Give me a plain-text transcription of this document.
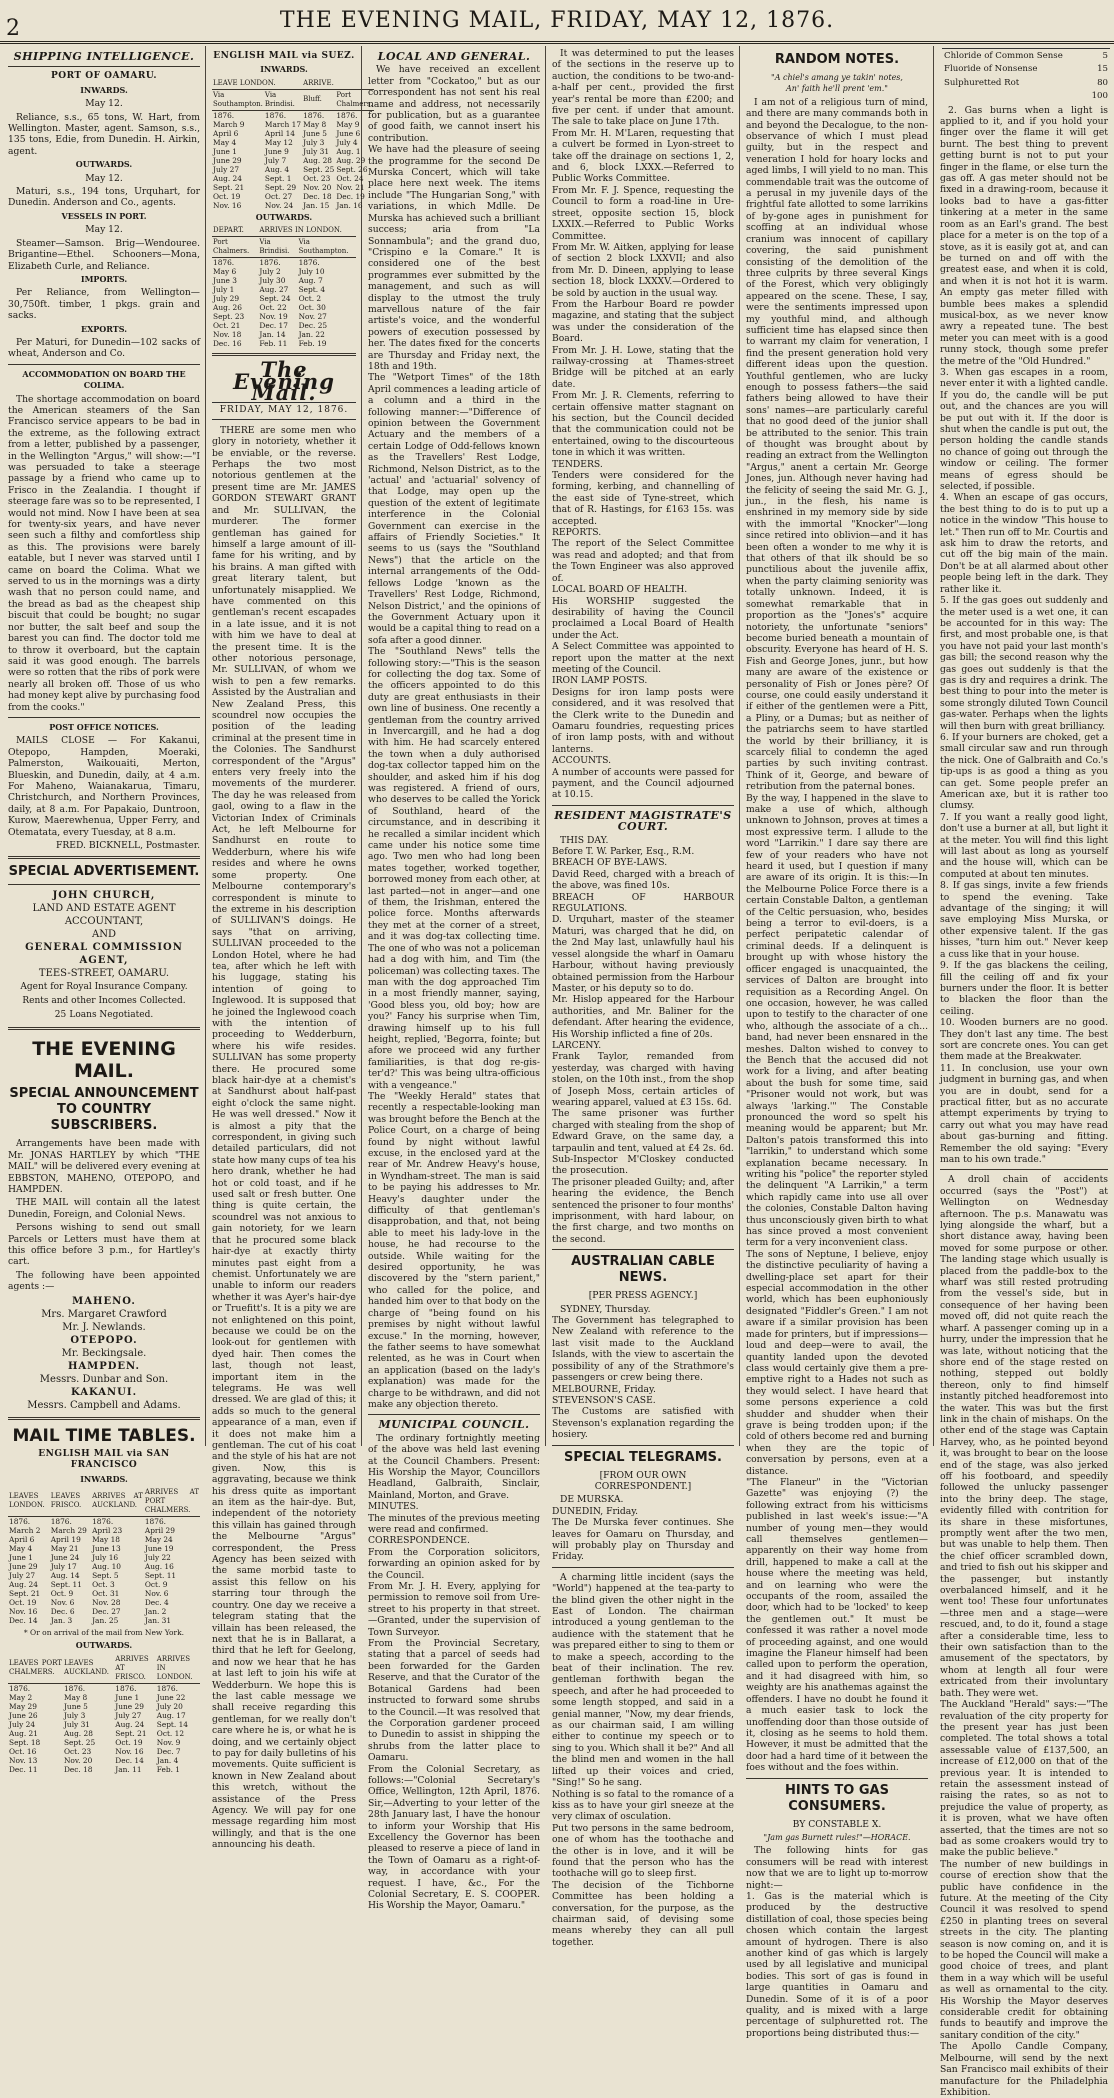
2	THE EVENING MAIL, FRIDAY, MAY 12, 1876.
SHIPPING INTELLIGENCE.
PORT OF OAMARU.
INWARDS.

May 12.

Reliance, s.s., 65 tons, W. Hart, from Wellington. Master, agent. Samson, s.s., 135 tons, Edie, from Dunedin. H. Airkin, agent.

OUTWARDS.

May 12.

Maturi, s.s., 194 tons, Urquhart, for Dunedin. Anderson and Co., agents.

VESSELS IN PORT.

May 12.

Steamer—Samson. Brig—Wendouree. Brigantine—Ethel. Schooners—Mona, Elizabeth Curle, and Reliance.

IMPORTS.

Per Reliance, from Wellington—30,750ft. timber, 1 pkgs. grain and sacks.

EXPORTS.

Per Maturi, for Dunedin—102 sacks of wheat, Anderson and Co.

ACCOMMODATION ON BOARD THE COLIMA.

The shortage accommodation on board the American steamers of the San Francisco service appears to be bad in the extreme, as the following extract from a letter, published by a passenger, in the Wellington "Argus," will show:—"I was persuaded to take a steerage passage by a friend who came up to Frisco in the Zealandia. I thought if steerage fare was so to be represented, I would not mind. Now I have been at sea for twenty-six years, and have never seen such a filthy and comfortless ship as this. The provisions were barely eatable, but I never was starved until I came on board the Colima. What we served to us in the mornings was a dirty wash that no person could name, and the bread as bad as the cheapest ship biscuit that could be bought; no sugar nor butter, the salt beef and soup the barest you can find. The doctor told me to throw it overboard, but the captain said it was good enough. The barrels were so rotten that the ribs of pork were nearly all broken off. Those of us who had money kept alive by purchasing food from the cooks."

POST OFFICE NOTICES.

MAILS CLOSE — For Kakanui, Otepopo, Hampden, Moeraki, Palmerston, Waikouaiti, Merton, Blueskin, and Dunedin, daily, at 4 a.m. For Maheno, Waianakarua, Timaru, Christchurch, and Northern Provinces, daily, at 8 a.m. For Papakaio, Duntroon, Kurow, Maerewhenua, Upper Ferry, and Otematata, every Tuesday, at 8 a.m.

FRED. BICKNELL, Postmaster.

SPECIAL ADVERTISEMENT.
JOHN CHURCH,
LAND AND ESTATE AGENT
ACCOUNTANT,
AND
GENERAL COMMISSION AGENT,
TEES-STREET, OAMARU.
Agent for Royal Insurance Company. Rents and other Incomes Collected.
25 Loans Negotiated.
THE EVENING MAIL.
SPECIAL ANNOUNCEMENT TO COUNTRY SUBSCRIBERS.

Arrangements have been made with Mr. JONAS HARTLEY by which "THE MAIL" will be delivered every evening at EBBSTON, MAHENO, OTEPOPO, and HAMPDEN.

THE MAIL will contain all the latest Dunedin, Foreign, and Colonial News.

Persons wishing to send out small Parcels or Letters must have them at this office before 3 p.m., for Hartley's cart.

The following have been appointed agents :—

MAHENO.
Mrs. Margaret Crawford
Mr. J. Newlands.
OTEPOPO.
Mr. Beckingsale.
HAMPDEN.
Messrs. Dunbar and Son.
KAKANUI.
Messrs. Campbell and Adams.
MAIL TIME TABLES.
ENGLISH MAIL via SAN FRANCISCO
INWARDS.
LEAVES LONDON.	LEAVES FRISCO.	ARRIVES AT AUCKLAND.	ARRIVES AT PORT CHALMERS.
1876.	1876.	1876.	1876.
March 2	March 29	April 23	April 29
April 6	April 19	May 18	May 24
May 4	May 21	June 13	June 19
June 1	June 24	July 16	July 22
June 29	July 17	Aug. 10	Aug. 16
July 27	Aug. 14	Sept. 5	Sept. 11
Aug. 24	Sept. 11	Oct. 3	Oct. 9
Sept. 21	Oct. 9	Oct. 31	Nov. 6
Oct. 19	Nov. 6	Nov. 28	Dec. 4
Nov. 16	Dec. 6	Dec. 27	Jan. 2
Dec. 14	Jan. 3	Jan. 25	Jan. 31

* Or on arrival of the mail from New York.

OUTWARDS.
LEAVES PORT CHALMERS.	LEAVES AUCKLAND.	ARRIVES AT FRISCO.	ARRIVES IN LONDON.
1876.	1876.	1876.	1876.
May 2	May 8	June 1	June 22
May 29	June 5	June 29	July 20
June 26	July 3	July 27	Aug. 17
July 24	July 31	Aug. 24	Sept. 14
Aug. 21	Aug. 28	Sept. 21	Oct. 12
Sept. 18	Sept. 25	Oct. 19	Nov. 9
Oct. 16	Oct. 23	Nov. 16	Dec. 7
Nov. 13	Nov. 20	Dec. 14	Jan. 4
Dec. 11	Dec. 18	Jan. 11	Feb. 1
ENGLISH MAIL via SUEZ.
INWARDS.
LEAVE LONDON.		ARRIVE.	
Via Southampton.	Via Brindisi.	Bluff.	Port Chalmers.
1876.	1876.	1876.	1876.
March 9	March 17	May 8	May 9
April 6	April 14	June 5	June 6
May 4	May 12	July 3	July 4
June 1	June 9	July 31	Aug. 1
June 29	July 7	Aug. 28	Aug. 29
July 27	Aug. 4	Sept. 25	Sept. 26
Aug. 24	Sept. 1	Oct. 23	Oct. 24
Sept. 21	Sept. 29	Nov. 20	Nov. 21
Oct. 19	Oct. 27	Dec. 18	Dec. 19
Nov. 16	Nov. 24	Jan. 15	Jan. 16
OUTWARDS.
DEPART.	ARRIVES IN LONDON.	
Port Chalmers.	Via Brindisi.	Via Southampton.
1876.	1876.	1876.
May 6	July 2	July 10
June 3	July 30	Aug. 7
July 1	Aug. 27	Sept. 4
July 29	Sept. 24	Oct. 2
Aug. 26	Oct. 22	Oct. 30
Sept. 23	Nov. 19	Nov. 27
Oct. 21	Dec. 17	Dec. 25
Nov. 18	Jan. 14	Jan. 22
Dec. 16	Feb. 11	Feb. 19
The Evening Mail.
FRIDAY, MAY 12, 1876.

THERE are some men who glory in notoriety, whether it be enviable, or the reverse. Perhaps the two most notorious gentlemen at the present time are Mr. JAMES GORDON STEWART GRANT and Mr. SULLIVAN, the murderer. The former gentleman has gained for himself a large amount of ill-fame for his writing, and by his brains. A man gifted with great literary talent, but unfortunately misapplied. We have commented on this gentleman's recent escapades in a late issue, and it is not with him we have to deal at the present time. It is the other notorious personage, Mr. SULLIVAN, of whom we wish to pen a few remarks. Assisted by the Australian and New Zealand Press, this scoundrel now occupies the position of the leading criminal at the present time in the Colonies. The Sandhurst correspondent of the "Argus" enters very freely into the movements of the murderer. The day he was released from gaol, owing to a flaw in the Victorian Index of Criminals Act, he left Melbourne for Sandhurst en route to Wedderburn, where his wife resides and where he owns some property. One Melbourne contemporary's correspondent is minute to the extreme in his description of SULLIVAN'S doings. He says "that on arriving, SULLIVAN proceeded to the London Hotel, where he had tea, after which he left with his luggage, stating his intention of going to Inglewood. It is supposed that he joined the Inglewood coach with the intention of proceeding to Wedderburn, where his wife resides. SULLIVAN has some property there. He procured some black hair-dye at a chemist's at Sandhurst about half-past eight o'clock the same night. He was well dressed." Now it is almost a pity that the correspondent, in giving such detailed particulars, did not state how many cups of tea his hero drank, whether he had hot or cold toast, and if he used salt or fresh butter. One thing is quite certain, the scoundrel was not anxious to gain notoriety, for we learn that he procured some black hair-dye at exactly thirty minutes past eight from a chemist. Unfortunately we are unable to inform our readers whether it was Ayer's hair-dye or Truefitt's. It is a pity we are not enlightened on this point, because we could be on the look-out for gentlemen with dyed hair. Then comes the last, though not least, important item in the telegrams. He was well dressed. We are glad of this; it adds so much to the general appearance of a man, even if it does not make him a gentleman. The cut of his coat and the style of his hat are not given. Now, this is aggravating, because we think his dress quite as important an item as the hair-dye. But, independent of the notoriety this villain has gained through the Melbourne "Argus" correspondent, the Press Agency has been seized with the same morbid taste to assist this fellow on his starring tour through the country. One day we receive a telegram stating that the villain has been released, the next that he is in Ballarat, a third that he left for Geelong, and now we hear that he has at last left to join his wife at Wedderburn. We hope this is the last cable message we shall receive regarding this gentleman, for we really don't care where he is, or what he is doing, and we certainly object to pay for daily bulletins of his movements. Quite sufficient is known in New Zealand about this wretch, without the assistance of the Press Agency. We will pay for one message regarding him most willingly, and that is the one announcing his death.

LOCAL AND GENERAL.

We have received an excellent letter from "Cockatoo," but as our correspondent has not sent his real name and address, not necessarily for publication, but as a guarantee of good faith, we cannot insert his contribution.
We have had the pleasure of seeing the programme for the second De Murska Concert, which will take place here next week. The items include "The Hungarian Song," with variations, in which Mdlle. De Murska has achieved such a brilliant success; aria from "La Sonnambula"; and the grand duo, "Crispino e la Comare." It is considered one of the best programmes ever submitted by the management, and such as will display to the utmost the truly marvellous nature of the fair artiste's voice, and the wonderful powers of execution possessed by her. The dates fixed for the concerts are Thursday and Friday next, the 18th and 19th.
The "Wetport Times" of the 18th April commences a leading article of a column and a third in the following manner:—"Difference of opinion between the Government Actuary and the members of a certain Lodge of Odd-fellows known as the Travellers' Rest Lodge, Richmond, Nelson District, as to the 'actual' and 'actuarial' solvency of that Lodge, may open up the question of the extent of legitimate interference in the Colonial Government can exercise in the affairs of Friendly Societies." It seems to us (says the "Southland News") that the article on the internal arrangements of the Odd-fellows Lodge 'known as the Travellers' Rest Lodge, Richmond, Nelson District,' and the opinions of the Government Actuary upon it would be a capital thing to read on a sofa after a good dinner.
The "Southland News" tells the following story:—"This is the season for collecting the dog tax. Some of the officers appointed to do this duty are great enthusiasts in their own line of business. One recently a gentleman from the country arrived in Invercargill, and he had a dog with him. He had scarcely entered the town when a duly authorised dog-tax collector tapped him on the shoulder, and asked him if his dog was registered. A friend of ours, who deserves to be called the Yorick of Southland, heard of the circumstance, and in describing it he recalled a similar incident which came under his notice some time ago. Two men who had long been mates together, worked together, borrowed money from each other, at last parted—not in anger—and one of them, the Irishman, entered the police force. Months afterwards they met at the corner of a street, and it was dog-tax collecting time. The one of who was not a policeman had a dog with him, and Tim (the policeman) was collecting taxes. The man with the dog approached Tim in a most friendly manner, saying, 'Good bless you, old boy; how are you?' Fancy his surprise when Tim, drawing himself up to his full height, replied, 'Begorra, fointe; but afore we proceed wid any further familiarities, is that dog re-gis-ter'd?' This was being ultra-officious with a vengeance."
The "Weekly Herald" states that recently a respectable-looking man was brought before the Bench at the Police Court, on a charge of being found by night without lawful excuse, in the enclosed yard at the rear of Mr. Andrew Heavy's house, in Wyndham-street. The man is said to be paying his addresses to Mr. Heavy's daughter under the difficulty of that gentleman's disapprobation, and that, not being able to meet his lady-love in the house, he had recourse to the outside. While waiting for the desired opportunity, he was discovered by the "stern parient," who called for the police, and handed him over to that body on the charge of "being found on his premises by night without lawful excuse." In the morning, however, the father seems to have somewhat relented, as he was in Court when an application (based on the lady's explanation) was made for the charge to be withdrawn, and did not make any objection thereto.

MUNICIPAL COUNCIL.

The ordinary fortnightly meeting of the above was held last evening at the Council Chambers. Present: His Worship the Mayor, Councillors Headland, Galbraith, Sinclair, Mainland, Morton, and Grave.
MINUTES.
The minutes of the previous meeting were read and confirmed.
CORRESPONDENCE.
From the Corporation solicitors, forwarding an opinion asked for by the Council.
From Mr. J. H. Every, applying for permission to remove soil from Ure-street to his property in that street.—Granted, under the supervision of Town Surveyor.
From the Provincial Secretary, stating that a parcel of seeds had been forwarded for the Garden Reserve, and that the Curator of the Botanical Gardens had been instructed to forward some shrubs to the Council.—It was resolved that the Corporation gardener proceed to Dunedin to assist in shipping the shrubs from the latter place to Oamaru.
From the Colonial Secretary, as follows:—"Colonial Secretary's Office, Wellington, 12th April, 1876. Sir,—Adverting to your letter of the 28th January last, I have the honour to inform your Worship that His Excellency the Governor has been pleased to reserve a piece of land in the Town of Oamaru as a right-of-way, in accordance with your request. I have, &c., For the Colonial Secretary, E. S. COOPER. His Worship the Mayor, Oamaru."

It was determined to put the leases of the sections in the reserve up to auction, the conditions to be two-and-a-half per cent., provided the first year's rental be more than £200; and five per cent. if under that amount. The sale to take place on June 17th.
From Mr. H. M'Laren, requesting that a culvert be formed in Lyon-street to take off the drainage on sections 1, 2, and 6, block LXXX.—Referred to Public Works Committee.
From Mr. F. J. Spence, requesting the Council to form a road-line in Ure-street, opposite section 15, block LXXIX.—Referred to Public Works Committee.
From Mr. W. Aitken, applying for lease of section 2 block LXXVII; and also from Mr. D. Dineen, applying to lease section 18, block LXXXV.—Ordered to be sold by auction in the usual way.
From the Harbour Board re powder magazine, and stating that the subject was under the consideration of the Board.
From Mr. J. H. Lowe, stating that the railway-crossing at Thames-street Bridge will be pitched at an early date.
From Mr. J. R. Clements, referring to certain offensive matter stagnant on his section, but the Council decided that the communication could not be entertained, owing to the discourteous tone in which it was written.
TENDERS.
Tenders were considered for the forming, kerbing, and channelling of the east side of Tyne-street, which that of R. Hastings, for £163 15s. was accepted.
REPORTS.
The report of the Select Committee was read and adopted; and that from the Town Engineer was also approved of.
LOCAL BOARD OF HEALTH.
His WORSHIP suggested the desirability of having the Council proclaimed a Local Board of Health under the Act.
A Select Committee was appointed to report upon the matter at the next meeting of the Council.
IRON LAMP POSTS.
Designs for iron lamp posts were considered, and it was resolved that the Clerk write to the Dunedin and Oamaru foundries, requesting prices of iron lamp posts, with and without lanterns.
ACCOUNTS.
A number of accounts were passed for payment, and the Council adjourned at 10.15.

RESIDENT MAGISTRATE'S COURT.

THIS DAY.
Before T. W. Parker, Esq., R.M.
BREACH OF BYE-LAWS.
David Reed, charged with a breach of the above, was fined 10s.
BREACH OF HARBOUR REGULATIONS.
D. Urquhart, master of the steamer Maturi, was charged that he did, on the 2nd May last, unlawfully haul his vessel alongside the wharf in Oamaru Harbour, without having previously obtained permission from the Harbour Master, or his deputy so to do.
Mr. Hislop appeared for the Harbour authorities, and Mr. Baliner for the defendant. After hearing the evidence, His Worship inflicted a fine of 20s.
LARCENY.
Frank Taylor, remanded from yesterday, was charged with having stolen, on the 10th inst., from the shop of Joseph Moss, certain articles of wearing apparel, valued at £3 15s. 6d.
The same prisoner was further charged with stealing from the shop of Edward Grave, on the same day, a tarpaulin and tent, valued at £4 2s. 6d.
Sub-Inspector M'Closkey conducted the prosecution.
The prisoner pleaded Guilty; and, after hearing the evidence, the Bench sentenced the prisoner to four months' imprisonment, with hard labour, on the first charge, and two months on the second.

AUSTRALIAN CABLE NEWS.

[PER PRESS AGENCY.]

SYDNEY, Thursday.
The Government has telegraphed to New Zealand with reference to the last visit made to the Auckland Islands, with the view to ascertain the possibility of any of the Strathmore's passengers or crew being there.
MELBOURNE, Friday.
STEVENSON'S CASE.
The Customs are satisfied with Stevenson's explanation regarding the hosiery.

SPECIAL TELEGRAMS.

[FROM OUR OWN CORRESPONDENT.]

DE MURSKA.
DUNEDIN, Friday.
The De Murska fever continues. She leaves for Oamaru on Thursday, and will probably play on Thursday and Friday.

A charming little incident (says the "World") happened at the tea-party to the blind given the other night in the East of London. The chairman introduced a young gentleman to the audience with the statement that he was prepared either to sing to them or to make a speech, according to the beat of their inclination. The rev. gentleman forthwith began the speech, and after he had proceeded to some length stopped, and said in a genial manner, "Now, my dear friends, as our chairman said, I am willing either to continue my speech or to sing to you. Which shall it be?" And all the blind men and women in the hall lifted up their voices and cried, "Sing!" So he sang.
Nothing is so fatal to the romance of a kiss as to have your girl sneeze at the very climax of osculation.
Put two persons in the same bedroom, one of whom has the toothache and the other is in love, and it will be found that the person who has the toothache will go to sleep first.
The decision of the Tichborne Committee has been holding a conversation, for the purpose, as the chairman said, of devising some means whereby they can all pull together.

RANDOM NOTES.

"A chiel's amang ye takin' notes,
An' faith he'll prent 'em."

I am not of a religious turn of mind, and there are many commands both in and beyond the Decalogue, to the non-observance of which I must plead guilty, but in the respect and veneration I hold for hoary locks and aged limbs, I will yield to no man. This commendable trait was the outcome of a perusal in my juvenile days of the frightful fate allotted to some larrikins of by-gone ages in punishment for scoffing at an individual whose cranium was innocent of capillary covering, the said punishment consisting of the demolition of the three culprits by three several Kings of the Forest, which very obligingly appeared on the scene. These, I say, were the sentiments impressed upon my youthful mind, and although sufficient time has elapsed since then to warrant my claim for veneration, I find the present generation hold very different ideas upon the question. Youthful gentlemen, who are lucky enough to possess fathers—the said fathers being allowed to have their sons' names—are particularly careful that no good deed of the junior shall be attributed to the senior. This train of thought was brought about by reading an extract from the Wellington "Argus," anent a certain Mr. George Jones, jun. Although never having had the felicity of seeing the said Mr. G. J., jun., in the flesh, his name is enshrined in my memory side by side with the immortal "Knocker"—long since retired into oblivion—and it has been often a wonder to me why it is that others of that ilk should be so punctilious about the juvenile affix, when the party claiming seniority was totally unknown. Indeed, it is somewhat remarkable that in proportion as the "Jones's" acquire notoriety, the unfortunate "seniors" become buried beneath a mountain of obscurity. Everyone has heard of H. S. Fish and George Jones, junr., but how many are aware of the existence or personality of Fish or Jones père? Of course, one could easily understand it if either of the gentlemen were a Pitt, a Pliny, or a Dumas; but as neither of the patriarchs seem to have startled the world by their brilliancy, it is scarcely filial to condemn the aged parties by such inviting contrast. Think of it, George, and beware of retribution from the paternal bones.
By the way, I happened in the slave to make a use of which, although unknown to Johnson, proves at times a most expressive term. I allude to the word "Larrikin." I dare say there are few of your readers who have not heard it used, but I question if many are aware of its origin. It is this:—In the Melbourne Police Force there is a certain Constable Dalton, a gentleman of the Celtic persuasion, who, besides being a terror to evil-doers, is a perfect peripatetic calendar of criminal deeds. If a delinquent is brought up with whose history the officer engaged is unacquainted, the services of Dalton are brought into requisition as a Recording Angel. On one occasion, however, he was called upon to testify to the character of one who, although the associate of a ch... band, had never been ensnared in the meshes. Dalton wished to convey to the Bench that the accused did not work for a living, and after beating about the bush for some time, said "Prisoner would not work, but was always 'larking.'" The Constable pronounced the word so spelt his meaning would be apparent; but Mr. Dalton's patois transformed this into "larrikin," to understand which some explanation became necessary. In writing his "police" the reporter styled the delinquent "A Larrikin," a term which rapidly came into use all over the colonies, Constable Dalton having thus unconsciously given birth to what has since proved a most convenient term for a very inconvenient class.
The sons of Neptune, I believe, enjoy the distinctive peculiarity of having a dwelling-place set apart for their especial accommodation in the other world, which has been euphoniously designated "Fiddler's Green." I am not aware if a similar provision has been made for printers, but if impressions—loud and deep—were to avail, the quantity landed upon the devoted class would certainly give them a pre-emptive right to a Hades not such as they would select. I have heard that some persons experience a cold shudder and shudder when their grave is being trodden upon; if the cold of others become red and burning when they are the topic of conversation by persons, even at a distance.
"The Flaneur" in the "Victorian Gazette" was enjoying (?) the following extract from his witticisms published in last week's issue:—"A number of young men—they would call themselves gentlemen—apparently on their way home from drill, happened to make a call at the house where the meeting was held, and on learning who were the occupants of the room, assailed the door, which had to be 'locked' to keep the gentlemen out." It must be confessed it was rather a novel mode of proceeding against, and one would imagine the Flaneur himself had been called upon to perform the operation, and it had disagreed with him, so weighty are his anathemas against the offenders. I have no doubt he found it a much easier task to lock the unoffending door than those outside of it, closing as he seems to hold them. However, it must be admitted that the door had a hard time of it between the foes without and the foes within.

HINTS TO GAS CONSUMERS.

BY CONSTABLE X.

"Jam gas Burnett rules!"—HORACE.

The following hints for gas consumers will be read with interest now that we are to light up to-morrow night:—
1. Gas is the material which is produced by the destructive distillation of coal, those species being chosen which contain the largest amount of hydrogen. There is also another kind of gas which is largely used by all legislative and municipal bodies. This sort of gas is found in large quantities in Oamaru and Dunedin. Some of it is of a poor quality, and is mixed with a large percentage of sulphuretted rot. The proportions being distributed thus:—

Chloride of Common Sense	5
Fluoride of Nonsense	15
Sulphuretted Rot	80
	100

2. Gas burns when a light is applied to it, and if you hold your finger over the flame it will get burnt. The best thing to prevent getting burnt is not to put your finger in the flame, or else turn the gas off. A gas meter should not be fixed in a drawing-room, because it looks bad to have a gas-fitter tinkering at a meter in the same room as an Earl's grand. The best place for a meter is on the top of a stove, as it is easily got at, and can be turned on and off with the greatest ease, and when it is cold, and when it is not hot it is warm. An empty gas meter filled with bumble bees makes a splendid musical-box, as we never know awry a repeated tune. The best meter you can meet with is a good runny stock, though some prefer the metre of the "Old Hundred."
3. When gas escapes in a room, never enter it with a lighted candle. If you do, the candle will be put out, and the chances are you will be put out with it. If the door is shut when the candle is put out, the person holding the candle stands no chance of going out through the window or ceiling. The former means of egress should be selected, if possible.
4. When an escape of gas occurs, the best thing to do is to put up a notice in the window "This house to let." Then run off to Mr. Courtis and ask him to draw the retorts, and cut off the big main of the main. Don't be at all alarmed about other people being left in the dark. They rather like it.
5. If the gas goes out suddenly and the meter used is a wet one, it can be accounted for in this way: The first, and most probable one, is that you have not paid your last month's gas bill; the second reason why the gas goes out suddenly is that the gas is dry and requires a drink. The best thing to pour into the meter is some strongly diluted Town Council gas-water. Perhaps when the lights will then burn with great brilliancy.
6. If your burners are choked, get a small circular saw and run through the nick. One of Galbraith and Co.'s tip-ups is as good a thing as you can get. Some people prefer an American axe, but it is rather too clumsy.
7. If you want a really good light, don't use a burner at all, but light it at the meter. You will find this light will last about as long as yourself and the house will, which can be computed at about ten minutes.
8. If gas sings, invite a few friends to spend the evening. Take advantage of the singing; it will save employing Miss Murska, or other expensive talent. If the gas hisses, "turn him out." Never keep a cuss like that in your house.
9. If the gas blackens the ceiling, fill the ceiling off and fix your burners under the floor. It is better to blacken the floor than the ceiling.
10. Wooden burners are no good. They don't last any time. The best sort are concrete ones. You can get them made at the Breakwater.
11. In conclusion, use your own judgment in burning gas, and when you are in doubt, send for a practical fitter, but as no accurate attempt experiments by trying to carry out what you may have read about gas-burning and fitting. Remember the old saying: "Every man to his own trade."

A droll chain of accidents occurred (says the "Post") at Wellington on Wednesday afternoon. The p.s. Manawatu was lying alongside the wharf, but a short distance away, having been moved for some purpose or other. The landing stage which usually is placed from the paddle-box to the wharf was still rested protruding from the vessel's side, but in consequence of her having been moved off, did not quite reach the wharf. A passenger coming up in a hurry, under the impression that he was late, without noticing that the shore end of the stage rested on nothing, stepped out boldly thereon, only to find himself instantly pitched headforemost into the water. This was but the first link in the chain of mishaps. On the other end of the stage was Captain Harvey, who, as he pointed beyond it, was brought to bear on the loose end of the stage, was also jerked off his footboard, and speedily followed the unlucky passenger into the briny deep. The stage, evidently filled with contrition for its share in these misfortunes, promptly went after the two men, but was unable to help them. Then the chief officer scrambled down, and tried to fish out his skipper and the passenger, but instantly overbalanced himself, and it he went too! These four unfortunates—three men and a stage—were rescued, and, to do it, found a stage after a considerable time, less to their own satisfaction than to the amusement of the spectators, by whom at length all four were extricated from their involuntary bath. They were wet.
The Auckland "Herald" says:—"The revaluation of the city property for the present year has just been completed. The total shows a total assessable value of £137,500, an increase of £12,000 on that of the previous year. It is intended to retain the assessment instead of raising the rates, so as not to prejudice the value of property, as it is proven, what we have often asserted, that the times are not so bad as some croakers would try to make the public believe."
The number of new buildings in course of erection show that the public have confidence in the future. At the meeting of the City Council it was resolved to spend £250 in planting trees on several streets in the city. The planting season is now coming on, and it is to be hoped the Council will make a good choice of trees, and plant them in a way which will be useful as well as ornamental to the city. His Worship the Mayor deserves considerable credit for obtaining funds to beautify and improve the sanitary condition of the city."
The Apollo Candle Company, Melbourne, will send by the next San Francisco mail exhibits of their manufacture for the Philadelphia Exhibition.
